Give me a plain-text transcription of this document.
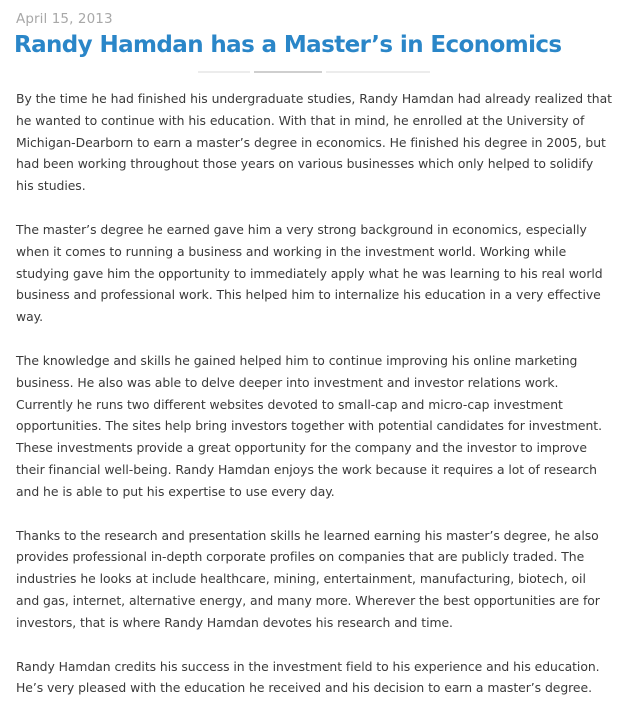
April 15, 2013
Randy Hamdan has a Master’s in Economics

By the time he had finished his undergraduate studies, Randy Hamdan had already realized that he wanted to continue with his education. With that in mind, he enrolled at the University of Michigan-Dearborn to earn a master’s degree in economics. He finished his degree in 2005, but had been working throughout those years on various businesses which only helped to solidify his studies.

The master’s degree he earned gave him a very strong background in economics, especially when it comes to running a business and working in the investment world. Working while studying gave him the opportunity to immediately apply what he was learning to his real world business and professional work. This helped him to internalize his education in a very effective way.

The knowledge and skills he gained helped him to continue improving his online marketing business. He also was able to delve deeper into investment and investor relations work. Currently he runs two different websites devoted to small-cap and micro-cap investment opportunities. The sites help bring investors together with potential candidates for investment. These investments provide a great opportunity for the company and the investor to improve their financial well-being. Randy Hamdan enjoys the work because it requires a lot of research and he is able to put his expertise to use every day.

Thanks to the research and presentation skills he learned earning his master’s degree, he also provides professional in-depth corporate profiles on companies that are publicly traded. The industries he looks at include healthcare, mining, entertainment, manufacturing, biotech, oil and gas, internet, alternative energy, and many more. Wherever the best opportunities are for investors, that is where Randy Hamdan devotes his research and time.

Randy Hamdan credits his success in the investment field to his experience and his education. He’s very pleased with the education he received and his decision to earn a master’s degree.
